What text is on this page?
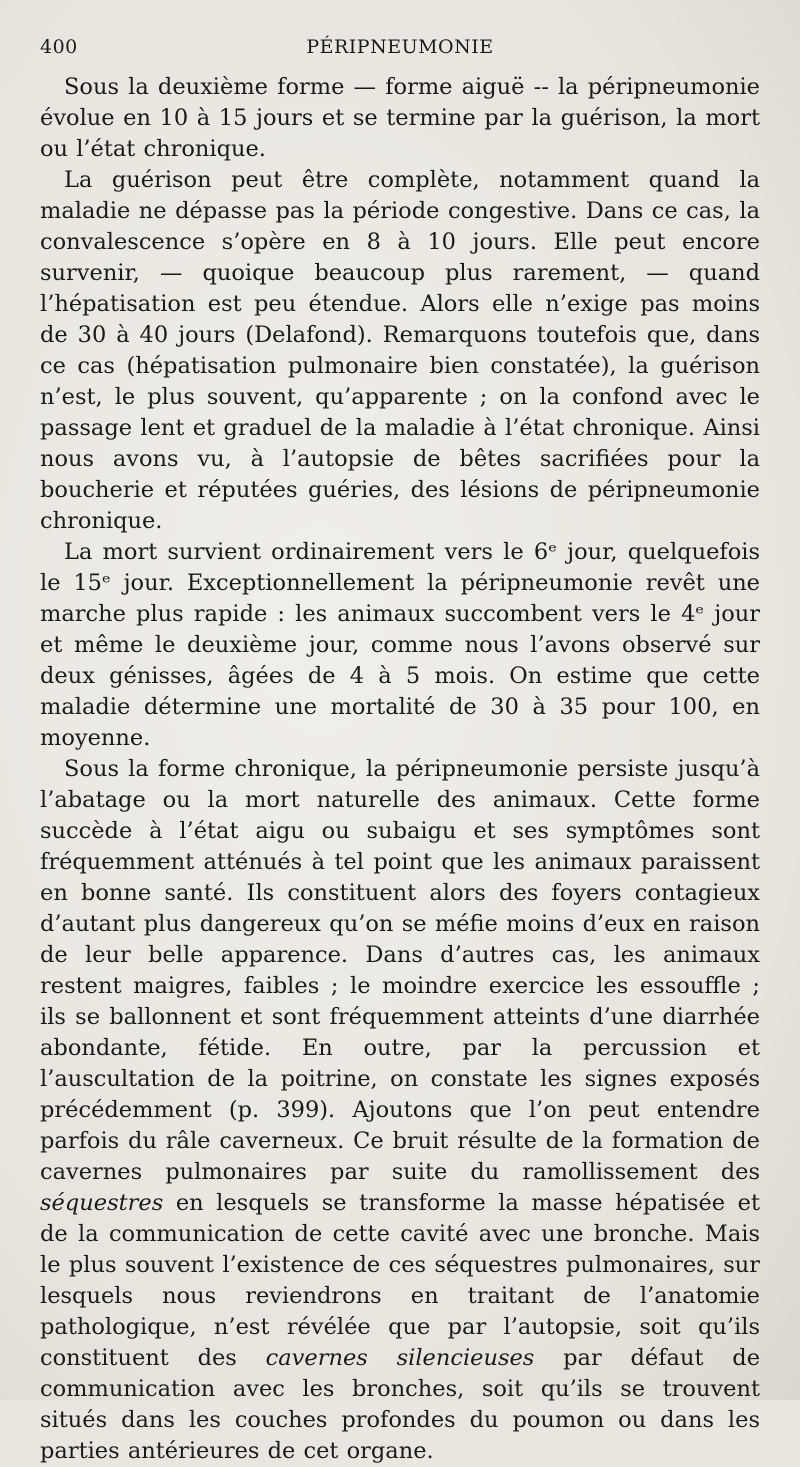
400	PÉRIPNEUMONIE

Sous la deuxième forme — forme aiguë -- la péripneumonie évolue en 10 à 15 jours et se termine par la guérison, la mort ou l’état chronique.

La guérison peut être complète, notamment quand la maladie ne dépasse pas la période congestive. Dans ce cas, la convalescence s’opère en 8 à 10 jours. Elle peut encore survenir, — quoique beaucoup plus rarement, — quand l’hépatisation est peu étendue. Alors elle n’exige pas moins de 30 à 40 jours (Delafond). Remarquons toutefois que, dans ce cas (hépatisation pulmonaire bien constatée), la guérison n’est, le plus souvent, qu’apparente ; on la confond avec le passage lent et graduel de la maladie à l’état chronique. Ainsi nous avons vu, à l’autopsie de bêtes sacrifiées pour la boucherie et réputées guéries, des lésions de péripneumonie chronique.

La mort survient ordinairement vers le 6ᵉ jour, quelquefois le 15ᵉ jour. Exceptionnellement la péripneumonie revêt une marche plus rapide : les animaux succombent vers le 4ᵉ jour et même le deuxième jour, comme nous l’avons observé sur deux génisses, âgées de 4 à 5 mois. On estime que cette maladie détermine une mortalité de 30 à 35 pour 100, en moyenne.

Sous la forme chronique, la péripneumonie persiste jusqu’à l’abatage ou la mort naturelle des animaux. Cette forme succède à l’état aigu ou subaigu et ses symptômes sont fréquemment atténués à tel point que les animaux paraissent en bonne santé. Ils constituent alors des foyers contagieux d’autant plus dangereux qu’on se méfie moins d’eux en raison de leur belle apparence. Dans d’autres cas, les animaux restent maigres, faibles ; le moindre exercice les essouffle ; ils se ballonnent et sont fréquemment atteints d’une diarrhée abondante, fétide. En outre, par la percussion et l’auscultation de la poitrine, on constate les signes exposés précédemment (p. 399). Ajoutons que l’on peut entendre parfois du râle caverneux. Ce bruit résulte de la formation de cavernes pulmonaires par suite du ramollissement des séquestres en lesquels se transforme la masse hépatisée et de la communication de cette cavité avec une bronche. Mais le plus souvent l’existence de ces séquestres pulmonaires, sur lesquels nous reviendrons en traitant de l’anatomie pathologique, n’est révélée que par l’autopsie, soit qu’ils constituent des cavernes silencieuses par défaut de communication avec les bronches, soit qu’ils se trouvent situés dans les couches profondes du poumon ou dans les parties antérieures de cet organe.
